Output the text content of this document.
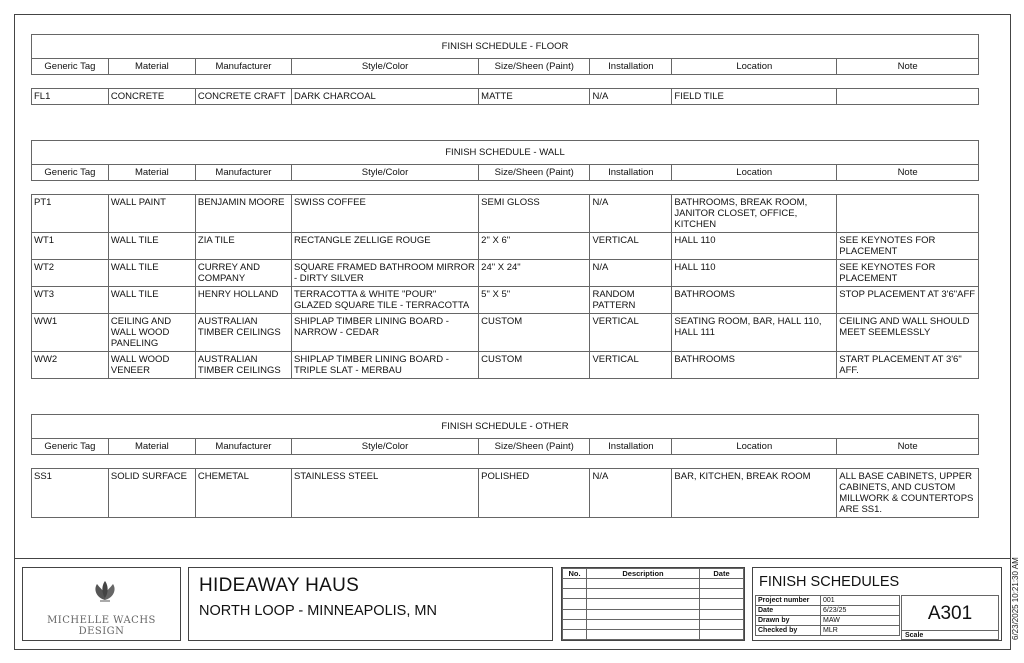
FINISH SCHEDULE - FLOOR
Generic Tag	Material	Manufacturer	Style/Color	Size/Sheen (Paint)	Installation	Location	Note
FL1	CONCRETE	CONCRETE CRAFT	DARK CHARCOAL	MATTE	N/A	FIELD TILE	
FINISH SCHEDULE - WALL
Generic Tag	Material	Manufacturer	Style/Color	Size/Sheen (Paint)	Installation	Location	Note
PT1	WALL PAINT	BENJAMIN MOORE	SWISS COFFEE	SEMI GLOSS	N/A	BATHROOMS, BREAK ROOM, JANITOR CLOSET, OFFICE, KITCHEN	
WT1	WALL TILE	ZIA TILE	RECTANGLE ZELLIGE ROUGE	2" X 6"	VERTICAL	HALL 110	SEE KEYNOTES FOR PLACEMENT
WT2	WALL TILE	CURREY AND COMPANY	SQUARE FRAMED BATHROOM MIRROR - DIRTY SILVER	24" X 24"	N/A	HALL 110	SEE KEYNOTES FOR PLACEMENT
WT3	WALL TILE	HENRY HOLLAND	TERRACOTTA & WHITE "POUR" GLAZED SQUARE TILE - TERRACOTTA	5" X 5"	RANDOM PATTERN	BATHROOMS	STOP PLACEMENT AT 3'6"AFF
WW1	CEILING AND WALL WOOD PANELING	AUSTRALIAN TIMBER CEILINGS	SHIPLAP TIMBER LINING BOARD - NARROW - CEDAR	CUSTOM	VERTICAL	SEATING ROOM, BAR, HALL 110, HALL 111	CEILING AND WALL SHOULD MEET SEEMLESSLY
WW2	WALL WOOD VENEER	AUSTRALIAN TIMBER CEILINGS	SHIPLAP TIMBER LINING BOARD - TRIPLE SLAT - MERBAU	CUSTOM	VERTICAL	BATHROOMS	START PLACEMENT AT 3'6" AFF.
FINISH SCHEDULE - OTHER
Generic Tag	Material	Manufacturer	Style/Color	Size/Sheen (Paint)	Installation	Location	Note
SS1	SOLID SURFACE	CHEMETAL	STAINLESS STEEL	POLISHED	N/A	BAR, KITCHEN, BREAK ROOM	ALL BASE CABINETS, UPPER CABINETS, AND CUSTOM MILLWORK & COUNTERTOPS ARE SS1.
MICHELLE WACHS DESIGN
HIDEAWAY HAUS
NORTH LOOP - MINNEAPOLIS, MN
No.	Description	Date

FINISH SCHEDULES
Project number	001
Date	6/23/25
Drawn by	MAW
Checked by	MLR
A301
Scale	6/23/2025 10:21:30 AM
